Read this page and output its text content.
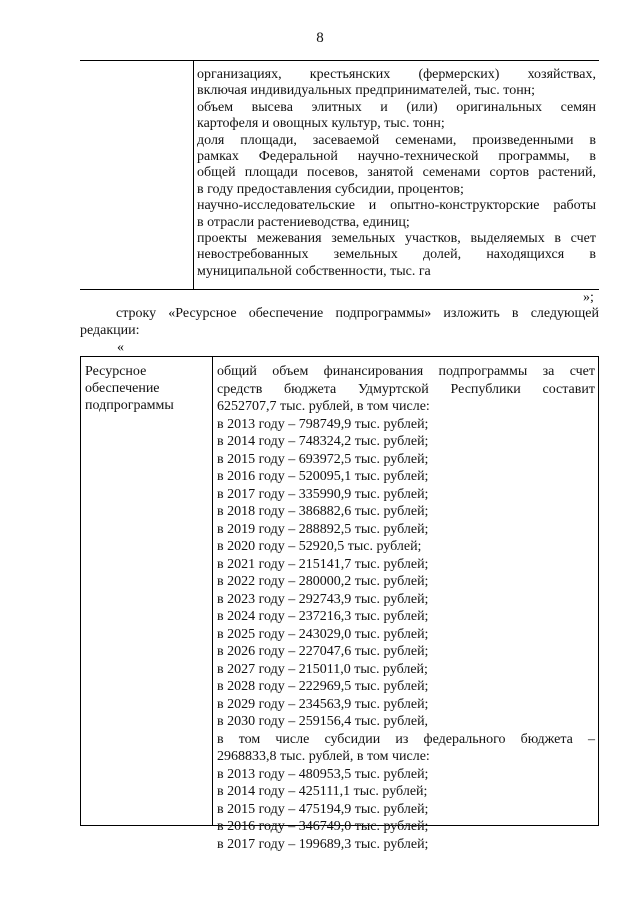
8
организациях, крестьянских (фермерских) хозяйствах,
включая индивидуальных предпринимателей, тыс. тонн;
объем высева элитных и (или) оригинальных семян
картофеля и овощных культур, тыс. тонн;
доля площади, засеваемой семенами, произведенными в
рамках Федеральной научно-технической программы, в
общей площади посевов, занятой семенами сортов растений,
в году предоставления субсидии, процентов;
научно-исследовательские и опытно-конструкторские работы
в отрасли растениеводства, единиц;
проекты межевания земельных участков, выделяемых в счет
невостребованных земельных долей, находящихся в
муниципальной собственности, тыс. га
»;
строку «Ресурсное обеспечение подпрограммы» изложить в следующей
редакции:
«
Ресурсное
обеспечение
подпрограммы
общий объем финансирования подпрограммы за счет
средств бюджета Удмуртской Республики составит
6252707,7 тыс. рублей, в том числе:
в 2013 году – 798749,9 тыс. рублей;
в 2014 году – 748324,2 тыс. рублей;
в 2015 году – 693972,5 тыс. рублей;
в 2016 году – 520095,1 тыс. рублей;
в 2017 году – 335990,9 тыс. рублей;
в 2018 году – 386882,6 тыс. рублей;
в 2019 году – 288892,5 тыс. рублей;
в 2020 году – 52920,5 тыс. рублей;
в 2021 году – 215141,7 тыс. рублей;
в 2022 году – 280000,2 тыс. рублей;
в 2023 году – 292743,9 тыс. рублей;
в 2024 году – 237216,3 тыс. рублей;
в 2025 году – 243029,0 тыс. рублей;
в 2026 году – 227047,6 тыс. рублей;
в 2027 году – 215011,0 тыс. рублей;
в 2028 году – 222969,5 тыс. рублей;
в 2029 году – 234563,9 тыс. рублей;
в 2030 году – 259156,4 тыс. рублей,
в том числе субсидии из федерального бюджета –
2968833,8 тыс. рублей, в том числе:
в 2013 году – 480953,5 тыс. рублей;
в 2014 году – 425111,1 тыс. рублей;
в 2015 году – 475194,9 тыс. рублей;
в 2016 году – 346749,0 тыс. рублей;
в 2017 году – 199689,3 тыс. рублей;
